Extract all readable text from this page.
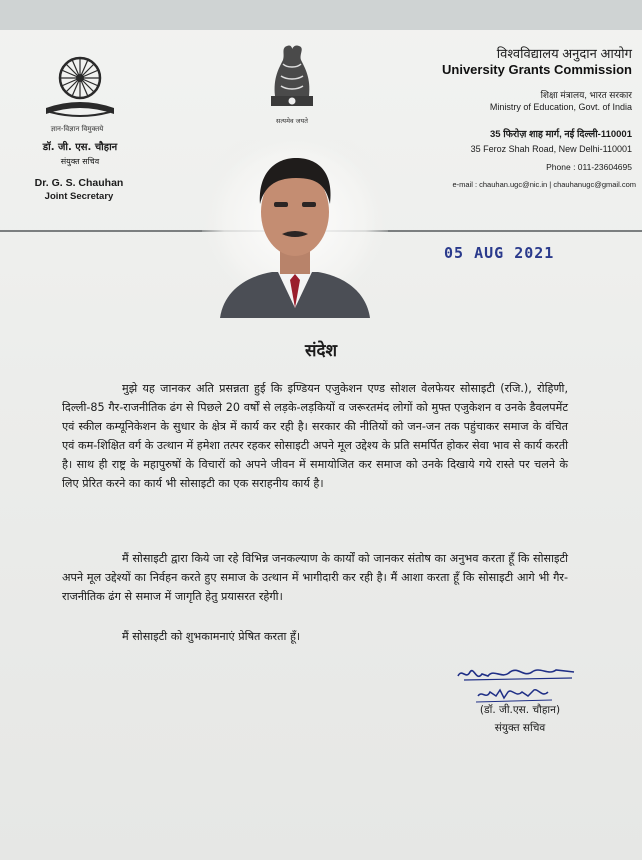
ज्ञान-विज्ञान विमुक्तये
डॉ. जी. एस. चौहान
संयुक्त सचिव
Dr. G. S. Chauhan
Joint Secretary
सत्यमेव जयते
विश्वविद्यालय अनुदान आयोग
University Grants Commission
शिक्षा मंत्रालय, भारत सरकार
Ministry of Education, Govt. of India
35 फिरोज़ शाह मार्ग, नई दिल्ली-110001
35 Feroz Shah Road, New Delhi-110001
Phone : 011-23604695
e-mail : chauhan.ugc@nic.in | chauhanugc@gmail.com
05 AUG 2021
संदेश

मुझे यह जानकर अति प्रसन्नता हुई कि इण्डियन एजुकेशन एण्ड सोशल वेलफेयर सोसाइटी (रजि.), रोहिणी, दिल्ली-85 गैर-राजनीतिक ढंग से पिछले 20 वर्षों से लड़के-लड़कियों व जरूरतमंद लोगों को मुफ्त एजुकेशन व उनके डैवलपमेंट एवं स्कील कम्यूनिकेशन के सुधार के क्षेत्र में कार्य कर रही है। सरकार की नीतियों को जन-जन तक पहुंचाकर समाज के वंचित एवं कम-शिक्षित वर्ग के उत्थान में हमेशा तत्पर रहकर सोसाइटी अपने मूल उद्देश्य के प्रति समर्पित होकर सेवा भाव से कार्य करती है। साथ ही राष्ट्र के महापुरुषों के विचारों को अपने जीवन में समायोजित कर समाज को उनके दिखाये गये रास्ते पर चलने के लिए प्रेरित करने का कार्य भी सोसाइटी का एक सराहनीय कार्य है।

मैं सोसाइटी द्वारा किये जा रहे विभिन्न जनकल्याण के कार्यों को जानकर संतोष का अनुभव करता हूँ कि सोसाइटी अपने मूल उद्देश्यों का निर्वहन करते हुए समाज के उत्थान में भागीदारी कर रही है। मैं आशा करता हूँ कि सोसाइटी आगे भी गैर-राजनीतिक ढंग से समाज में जागृति हेतु प्रयासरत रहेगी।

मैं सोसाइटी को शुभकामनाएं प्रेषित करता हूँ।

(डॉ. जी.एस. चौहान)
संयुक्त सचिव
